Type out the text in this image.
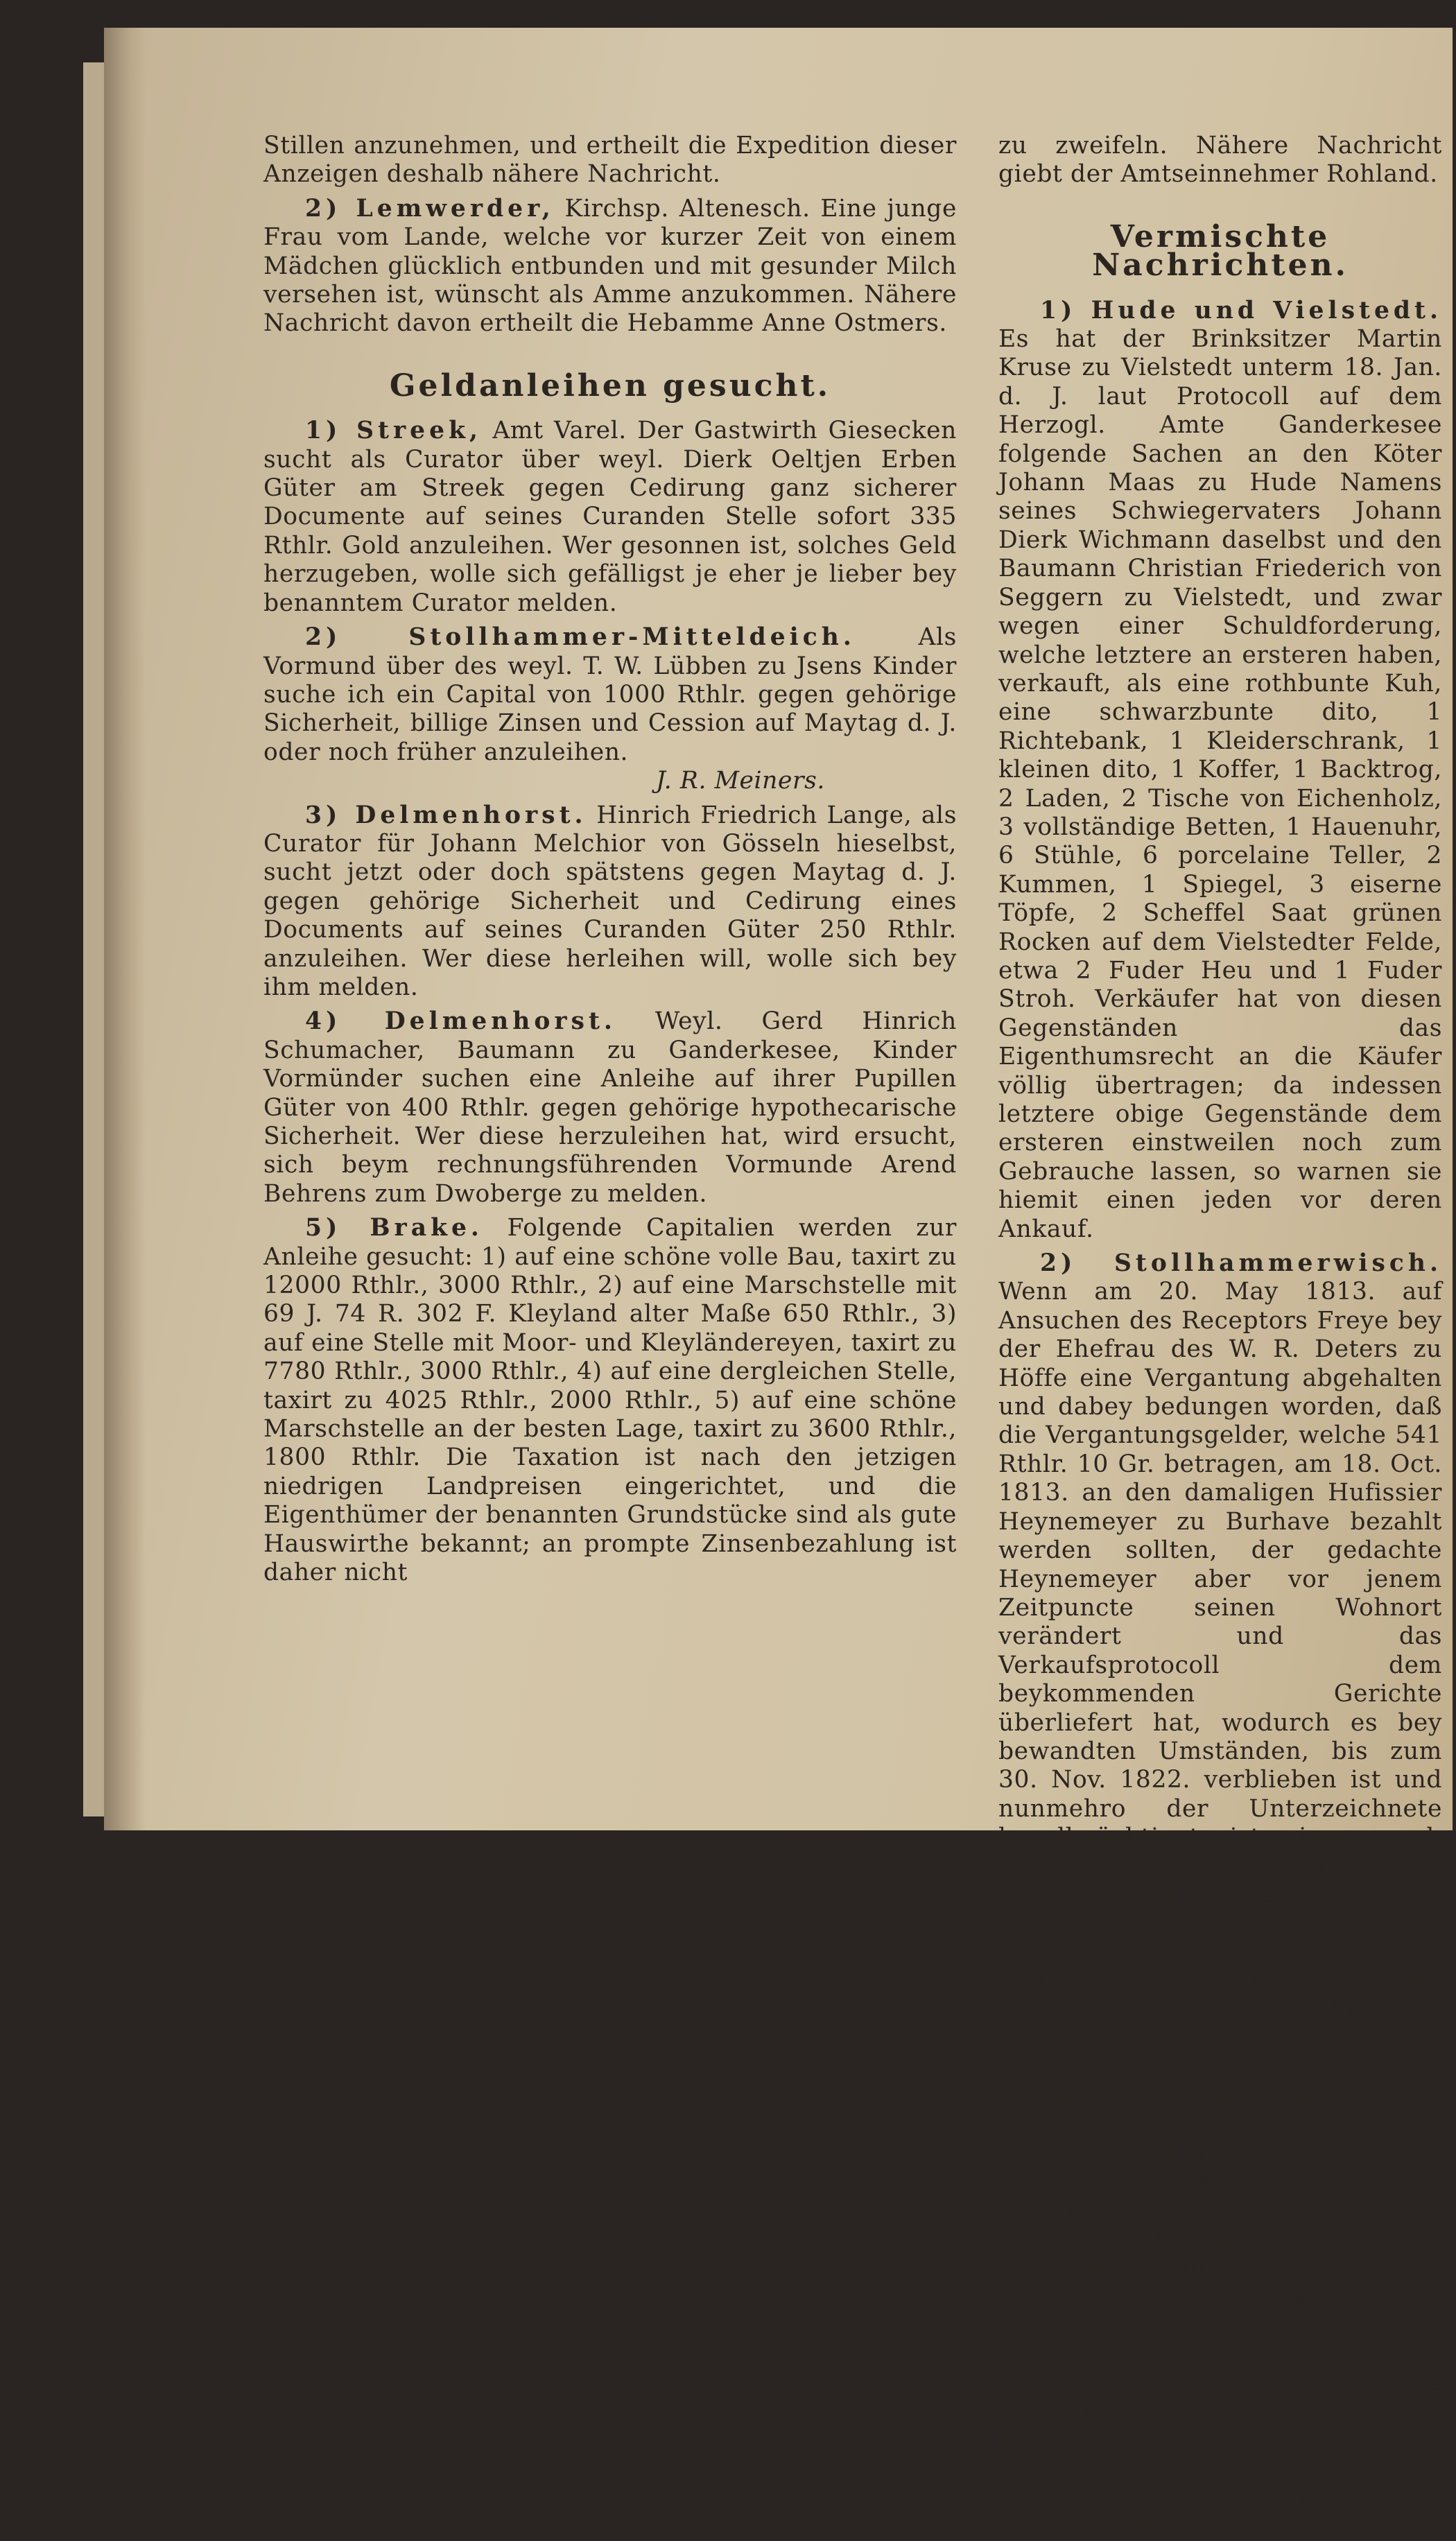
Stillen anzunehmen, und ertheilt die Expedition dieser Anzeigen deshalb nähere Nachricht.

2) Lemwerder, Kirchsp. Altenesch. Eine junge Frau vom Lande, welche vor kurzer Zeit von einem Mädchen glücklich entbunden und mit gesunder Milch versehen ist, wünscht als Amme anzukommen. Nähere Nachricht davon ertheilt die Hebamme Anne Ostmers.

Geldanleihen gesucht.

1) Streek, Amt Varel. Der Gastwirth Giesecken sucht als Curator über weyl. Dierk Oeltjen Erben Güter am Streek gegen Cedirung ganz sicherer Documente auf seines Curanden Stelle sofort 335 Rthlr. Gold anzuleihen. Wer gesonnen ist, solches Geld herzugeben, wolle sich gefälligst je eher je lieber bey benanntem Curator melden.

2) Stollhammer-Mitteldeich.	Als Vormund über des weyl. T. W. Lübben zu Jsens Kinder suche ich ein Capital von 1000 Rthlr. gegen gehörige Sicherheit, billige Zinsen und Cession auf Maytag d. J. oder noch früher anzuleihen.

J. R. Meiners.

3) Delmenhorst. Hinrich Friedrich Lange, als Curator für Johann Melchior von Gösseln hieselbst, sucht jetzt oder doch spätstens gegen Maytag d. J. gegen gehörige Sicherheit und Cedirung eines Documents auf seines Curanden Güter 250 Rthlr. anzuleihen. Wer diese herleihen will, wolle sich bey ihm melden.

4) Delmenhorst. Weyl. Gerd Hinrich Schumacher, Baumann zu Ganderkesee, Kinder Vormünder suchen eine Anleihe auf ihrer Pupillen Güter von 400 Rthlr. gegen gehörige hypothecarische Sicherheit. Wer diese herzuleihen hat, wird ersucht, sich beym rechnungsführenden Vormunde Arend Behrens zum Dwoberge zu melden.

5) Brake. Folgende Capitalien werden zur Anleihe gesucht: 1) auf eine schöne volle Bau, taxirt zu 12000 Rthlr., 3000 Rthlr., 2) auf eine Marschstelle mit 69 J. 74 R. 302 F. Kleyland alter Maße 650 Rthlr., 3) auf eine Stelle mit Moor- und Kleyländereyen, taxirt zu 7780 Rthlr., 3000 Rthlr., 4) auf eine dergleichen Stelle, taxirt zu 4025 Rthlr., 2000 Rthlr., 5) auf eine schöne Marschstelle an der besten Lage, taxirt zu 3600 Rthlr., 1800 Rthlr. Die Taxation ist nach den jetzigen niedrigen Landpreisen eingerichtet, und die Eigenthümer der benannten Grundstücke sind als gute Hauswirthe bekannt; an prompte Zinsenbezahlung ist daher nicht

zu zweifeln. Nähere Nachricht giebt der Amtseinnehmer Rohland.

Vermischte Nachrichten.

1) Hude und Vielstedt. Es hat der Brinksitzer Martin Kruse zu Vielstedt unterm 18. Jan. d. J. laut Protocoll auf dem Herzogl. Amte Ganderkesee folgende Sachen an den Köter Johann Maas zu Hude Namens seines Schwiegervaters Johann Dierk Wichmann daselbst und den Baumann Christian Friederich von Seggern zu Vielstedt, und zwar wegen einer Schuldforderung, welche letztere an ersteren haben, verkauft, als eine rothbunte Kuh, eine schwarzbunte dito, 1 Richtebank, 1 Kleiderschrank, 1 kleinen dito, 1 Koffer, 1 Backtrog, 2 Laden, 2 Tische von Eichenholz, 3 vollständige Betten, 1 Hauenuhr, 6 Stühle, 6 porcelaine Teller, 2 Kummen, 1 Spiegel, 3 eiserne Töpfe, 2 Scheffel Saat grünen Rocken auf dem Vielstedter Felde, etwa 2 Fuder Heu und 1 Fuder Stroh. Verkäufer hat von diesen Gegenständen das Eigenthumsrecht an die Käufer völlig übertragen; da indessen letztere obige Gegenstände dem ersteren einstweilen noch zum Gebrauche lassen, so warnen sie hiemit einen jeden vor deren Ankauf.

2) Stollhammerwisch. Wenn am 20. May 1813. auf Ansuchen des Receptors Freye bey der Ehefrau des W. R. Deters zu Höffe eine Vergantung abgehalten und dabey bedungen worden, daß die Vergantungsgelder, welche 541 Rthlr. 10 Gr. betragen, am 18. Oct. 1813. an den damaligen Hufissier Heynemeyer zu Burhave bezahlt werden sollten, der gedachte Heynemeyer aber vor jenem Zeitpuncte seinen Wohnort verändert und das Verkaufsprotocoll dem beykommenden Gerichte überliefert hat, wodurch es bey bewandten Umständen, bis zum 30. Nov. 1822. verblieben ist und nunmehro der Unterzeichnete bevollmächtiget ist, jene noch rückständigen Vergantungsgelder mit Zinsen zu erheben; so werden alle diejenigen, die wegen jener Vergantung noch etwas restiren, und deshalb jetzt ihre Rechnungen erhalten werden, hiedurch aufgefordert, die desfälligen Beträge gegen den 28. Febr. d. J. zu berichtigen, weil nach Ablauf dieses Termins alle Rückstände, ohne Ansehen der Person, eingeklagt werden. Wer an obgedachten Heynemeyer etwa schon bezahlt haben sollte, hat die empfangene Quittung vorzuzeigen, oder sich die durch die Einklage veranlaßten Kosten selbst beyzumessen. Zu Hebungstagen ist der Sonnabend jeder Woche bestimmt; wer an den anderen Wochentagen Zahlungen zu leisten beabsichtiget, darf sich dann mit jedoch erst des Nachmittags nach 4 Uhr melden,
